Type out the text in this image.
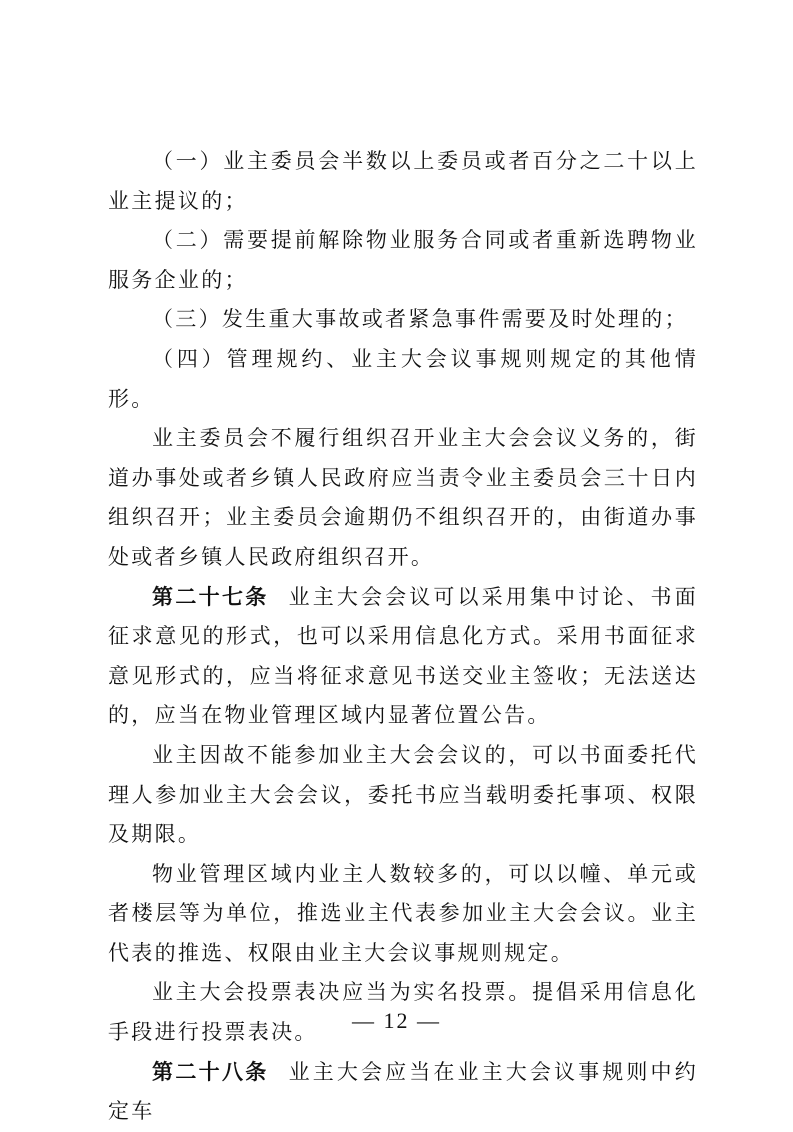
（一）业主委员会半数以上委员或者百分之二十以上业主提议的；

（二）需要提前解除物业服务合同或者重新选聘物业服务企业的；

（三）发生重大事故或者紧急事件需要及时处理的；

（四）管理规约、业主大会议事规则规定的其他情形。

业主委员会不履行组织召开业主大会会议义务的，街道办事处或者乡镇人民政府应当责令业主委员会三十日内组织召开；业主委员会逾期仍不组织召开的，由街道办事处或者乡镇人民政府组织召开。

第二十七条 业主大会会议可以采用集中讨论、书面征求意见的形式，也可以采用信息化方式。采用书面征求意见形式的，应当将征求意见书送交业主签收；无法送达的，应当在物业管理区域内显著位置公告。

业主因故不能参加业主大会会议的，可以书面委托代理人参加业主大会会议，委托书应当载明委托事项、权限及期限。

物业管理区域内业主人数较多的，可以以幢、单元或者楼层等为单位，推选业主代表参加业主大会会议。业主代表的推选、权限由业主大会议事规则规定。

业主大会投票表决应当为实名投票。提倡采用信息化手段进行投票表决。

第二十八条 业主大会应当在业主大会议事规则中约定车

— 12 —
